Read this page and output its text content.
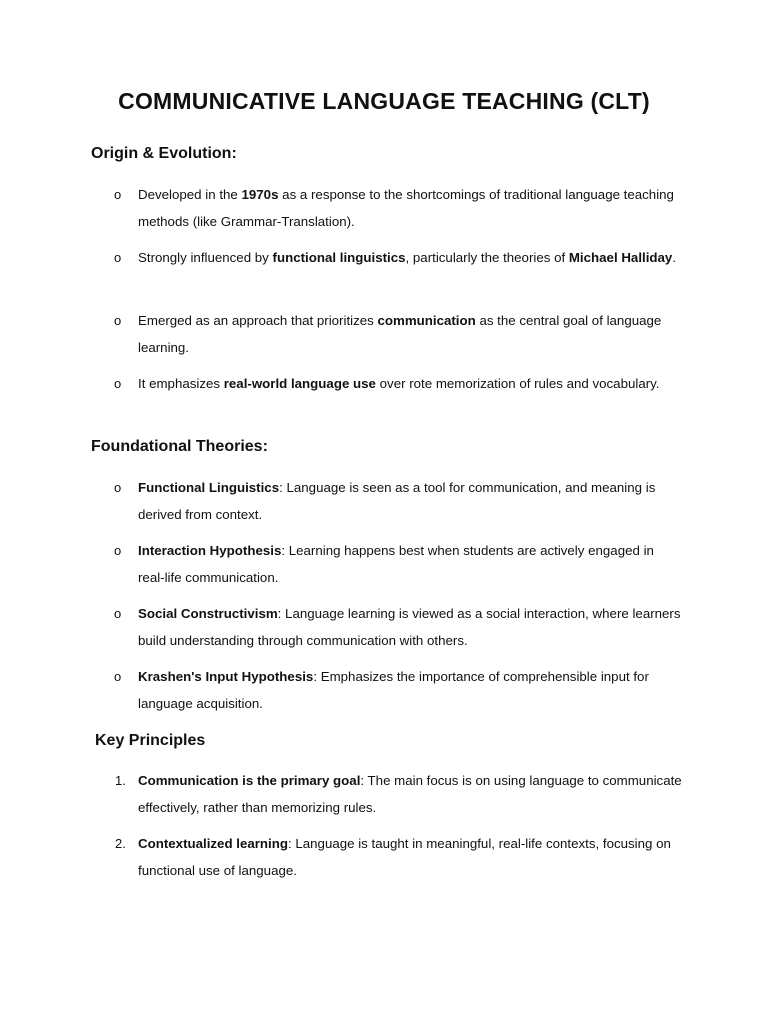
COMMUNICATIVE LANGUAGE TEACHING (CLT)
Origin & Evolution:
o Developed in the 1970s as a response to the shortcomings of traditional language teaching methods (like Grammar-Translation).
o Strongly influenced by functional linguistics, particularly the theories of Michael Halliday.
o Emerged as an approach that prioritizes communication as the central goal of language learning.
o It emphasizes real-world language use over rote memorization of rules and vocabulary.
Foundational Theories:
o Functional Linguistics: Language is seen as a tool for communication, and meaning is derived from context.
o Interaction Hypothesis: Learning happens best when students are actively engaged in real-life communication.
o Social Constructivism: Language learning is viewed as a social interaction, where learners build understanding through communication with others.
o Krashen's Input Hypothesis: Emphasizes the importance of comprehensible input for language acquisition.
Key Principles
1. Communication is the primary goal: The main focus is on using language to communicate effectively, rather than memorizing rules.
2. Contextualized learning: Language is taught in meaningful, real-life contexts, focusing on functional use of language.
